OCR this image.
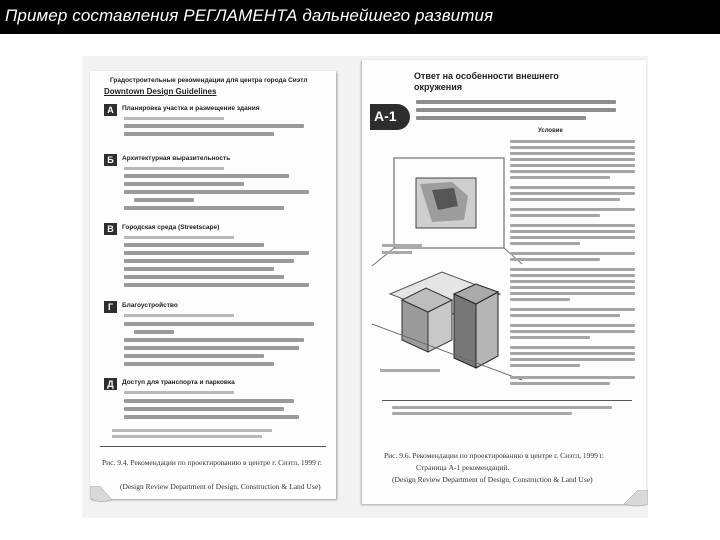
Пример составления РЕГЛАМЕНТА дальнейшего развития
Градостроительные рекомендации для центра города Сиэтл
Downtown Design Guidelines
A	Планировка участка и размещение здания
Б	Архитектурная выразительность
В	Городская среда (Streetscape)
Г	Благоустройство
Д	Доступ для транспорта и парковка
Рис. 9.4. Рекомендации по проектированию в центре г. Сиэтл, 1999 г.
(Design Review Department of Design, Construction & Land Use)
Ответ на особенности внешнего
окружения
A-1
Условие
Рис. 9.6. Рекомендации по проектированию в центре г. Сиэтл, 1999 г.
Страница A-1 рекомендаций.
(Design Review Department of Design, Construction & Land Use)
